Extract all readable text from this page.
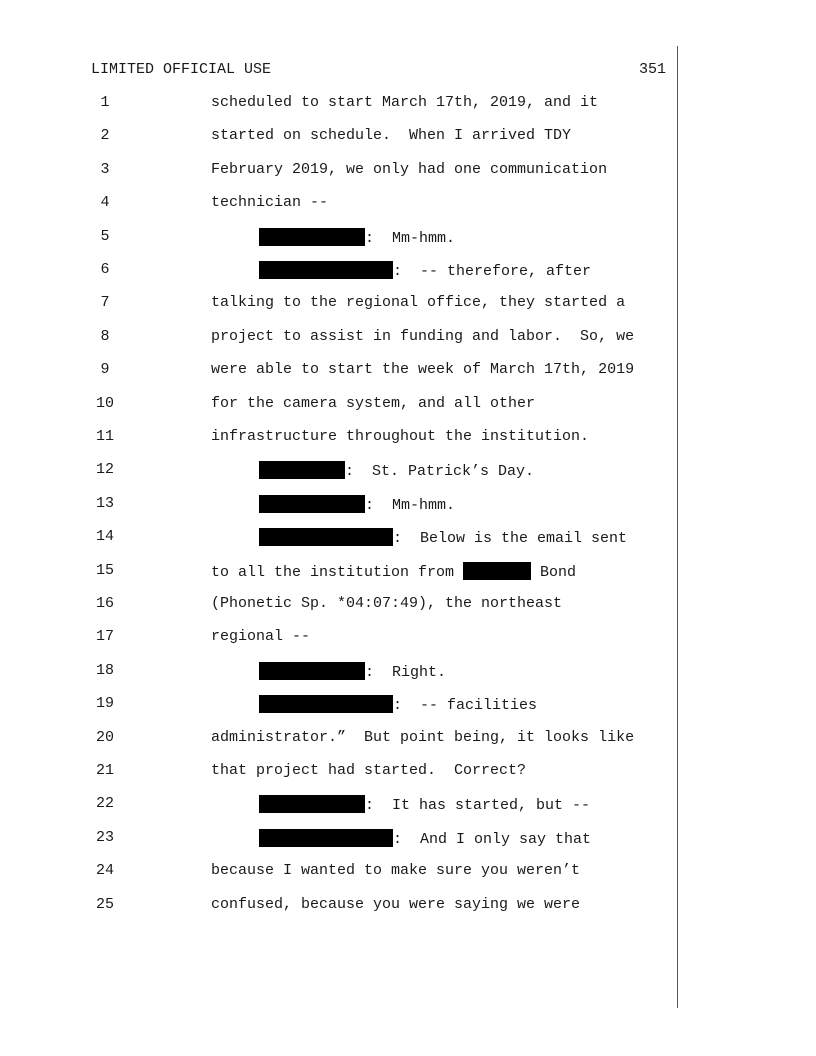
LIMITED OFFICIAL USE	351
1	scheduled to start March 17th, 2019, and it
2	started on schedule.  When I arrived TDY
3	February 2019, we only had one communication
4	technician --
5	:  Mm-hmm.
6	:  -- therefore, after
7	talking to the regional office, they started a
8	project to assist in funding and labor.  So, we
9	were able to start the week of March 17th, 2019
10	for the camera system, and all other
11	infrastructure throughout the institution.
12	:  St. Patrick’s Day.
13	:  Mm-hmm.
14	:  Below is the email sent
15	to all the institution from	Bond
16	(Phonetic Sp. *04:07:49), the northeast
17	regional --
18	:  Right.
19	:  -- facilities
20	administrator.”  But point being, it looks like
21	that project had started.  Correct?
22	:  It has started, but --
23	:  And I only say that
24	because I wanted to make sure you weren’t
25	confused, because you were saying we were
